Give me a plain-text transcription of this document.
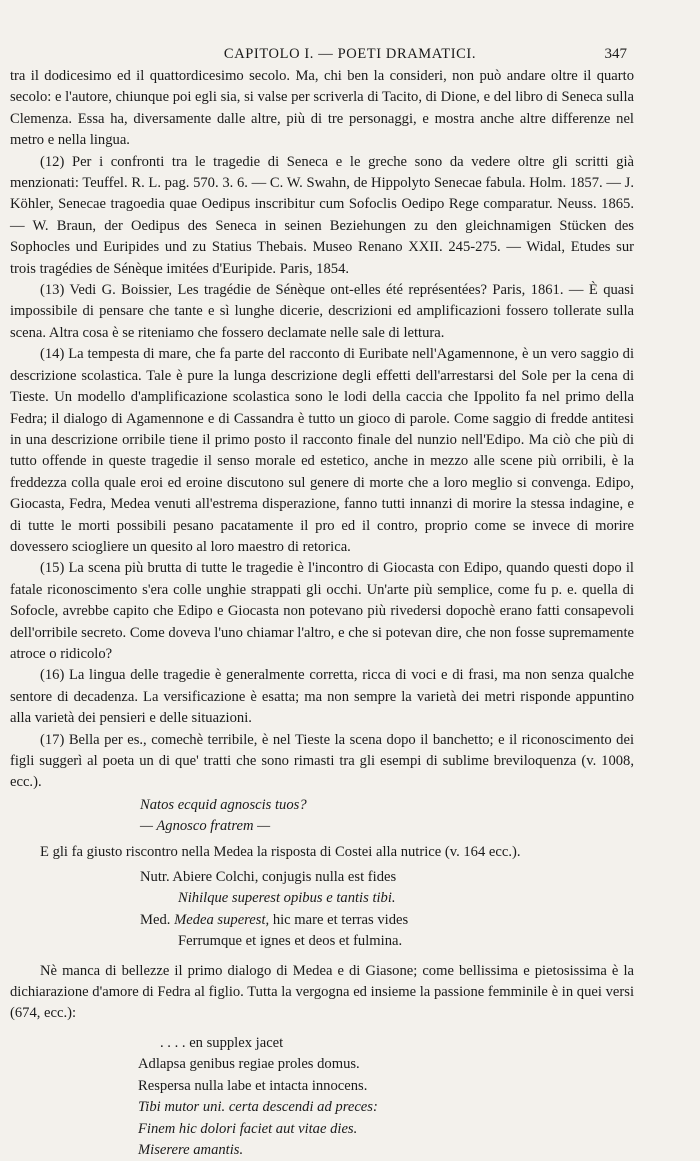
CAPITOLO I. — POETI DRAMATICI.	347

tra il dodicesimo ed il quattordicesimo secolo. Ma, chi ben la consideri, non può andare oltre il quarto secolo: e l'autore, chiunque poi egli sia, si valse per scriverla di Tacito, di Dione, e del libro di Seneca sulla Clemenza. Essa ha, diversamente dalle altre, più di tre personaggi, e mostra anche altre differenze nel metro e nella lingua.

(12) Per i confronti tra le tragedie di Seneca e le greche sono da vedere oltre gli scritti già menzionati: Teuffel. R. L. pag. 570. 3. 6. — C. W. Swahn, de Hippolyto Senecae fabula. Holm. 1857. — J. Köhler, Senecae tragoedia quae Oedipus inscribitur cum Sofoclis Oedipo Rege comparatur. Neuss. 1865. — W. Braun, der Oedipus des Seneca in seinen Beziehungen zu den gleichnamigen Stücken des Sophocles und Euripides und zu Statius Thebais. Museo Renano XXII. 245-275. — Widal, Etudes sur trois tragédies de Sénèque imitées d'Euripide. Paris, 1854.

(13) Vedi G. Boissier, Les tragédie de Sénèque ont-elles été représentées? Paris, 1861. — È quasi impossibile di pensare che tante e sì lunghe dicerie, descrizioni ed amplificazioni fossero tollerate sulla scena. Altra cosa è se riteniamo che fossero declamate nelle sale di lettura.

(14) La tempesta di mare, che fa parte del racconto di Euribate nell'Agamennone, è un vero saggio di descrizione scolastica. Tale è pure la lunga descrizione degli effetti dell'arrestarsi del Sole per la cena di Tieste. Un modello d'amplificazione scolastica sono le lodi della caccia che Ippolito fa nel primo della Fedra; il dialogo di Agamennone e di Cassandra è tutto un gioco di parole. Come saggio di fredde antitesi in una descrizione orribile tiene il primo posto il racconto finale del nunzio nell'Edipo. Ma ciò che più di tutto offende in queste tragedie il senso morale ed estetico, anche in mezzo alle scene più orribili, è la freddezza colla quale eroi ed eroine discutono sul genere di morte che a loro meglio si convenga. Edipo, Giocasta, Fedra, Medea venuti all'estrema disperazione, fanno tutti innanzi di morire la stessa indagine, e di tutte le morti possibili pesano pacatamente il pro ed il contro, proprio come se invece di morire dovessero sciogliere un quesito al loro maestro di retorica.

(15) La scena più brutta di tutte le tragedie è l'incontro di Giocasta con Edipo, quando questi dopo il fatale riconoscimento s'era colle unghie strappati gli occhi. Un'arte più semplice, come fu p. e. quella di Sofocle, avrebbe capito che Edipo e Giocasta non potevano più rivedersi dopochè erano fatti consapevoli dell'orribile secreto. Come doveva l'uno chiamar l'altro, e che si potevan dire, che non fosse supremamente atroce o ridicolo?

(16) La lingua delle tragedie è generalmente corretta, ricca di voci e di frasi, ma non senza qualche sentore di decadenza. La versificazione è esatta; ma non sempre la varietà dei metri risponde appuntino alla varietà dei pensieri e delle situazioni.

(17) Bella per es., comechè terribile, è nel Tieste la scena dopo il banchetto; e il riconoscimento dei figli suggerì al poeta un di que' tratti che sono rimasti tra gli esempi di sublime breviloquenza (v. 1008, ecc.).

Natos ecquid agnoscis tuos?
— Agnosco fratrem —

E gli fa giusto riscontro nella Medea la risposta di Costei alla nutrice (v. 164 ecc.).

Nutr. Abiere Colchi, conjugis nulla est fides
Nihilque superest opibus e tantis tibi.
Med. Medea superest, hic mare et terras vides
Ferrumque et ignes et deos et fulmina.

Nè manca di bellezze il primo dialogo di Medea e di Giasone; come bellissima e pietosissima è la dichiarazione d'amore di Fedra al figlio. Tutta la vergogna ed insieme la passione femminile è in quei versi (674, ecc.):

. . . . en supplex jacet
Adlapsa genibus regiae proles domus.
Respersa nulla labe et intacta innocens.
Tibi mutor uni. certa descendi ad preces:
Finem hic dolori faciet aut vitae dies.
Miserere amantis.
